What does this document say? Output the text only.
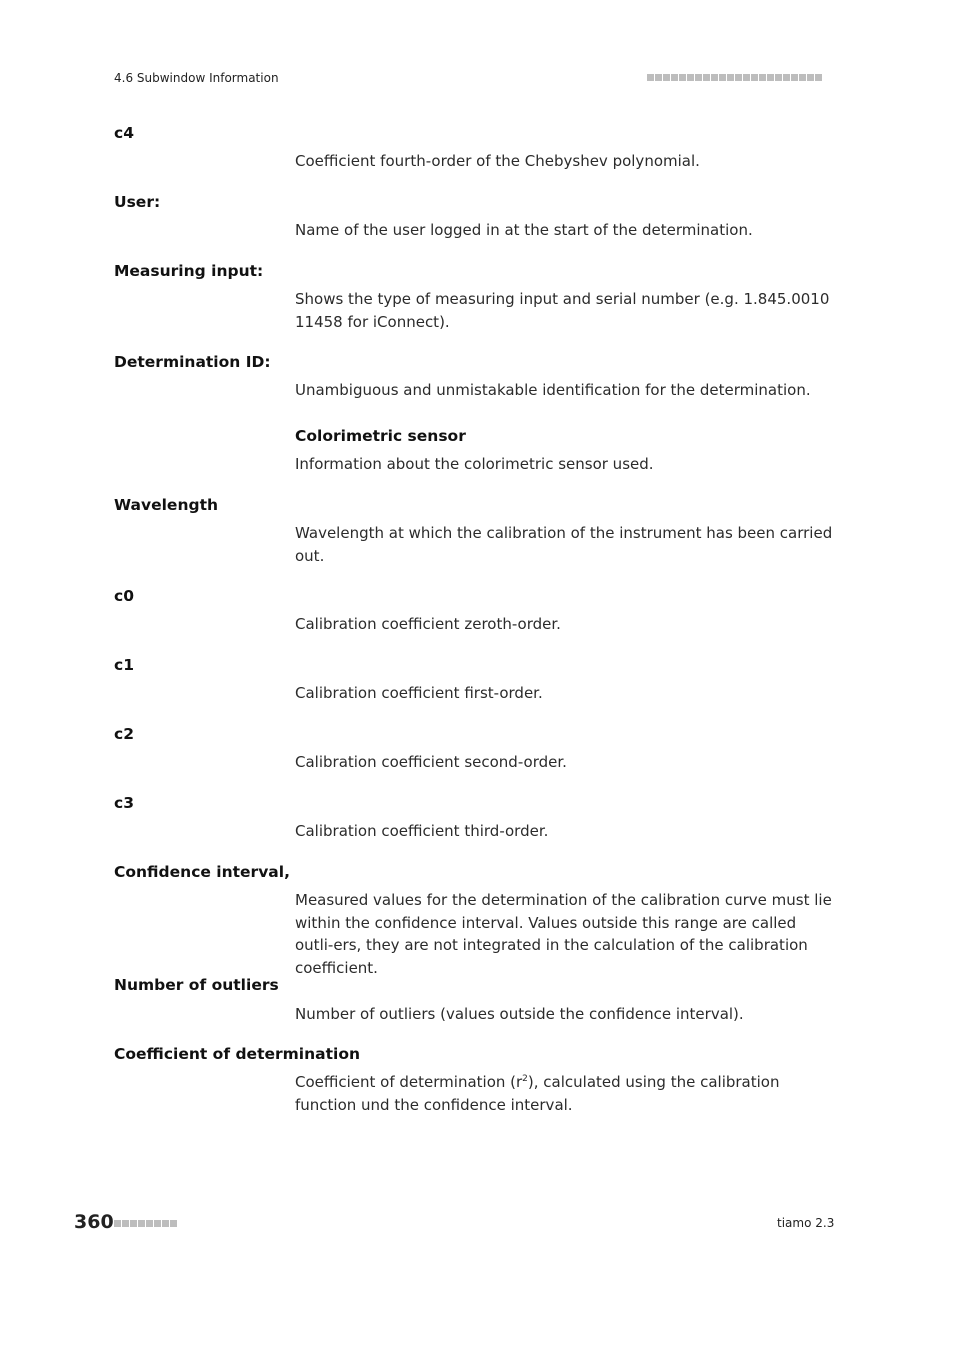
4.6 Subwindow Information
c4
Coefficient fourth-order of the Chebyshev polynomial.
User:
Name of the user logged in at the start of the determination.
Measuring input:
Shows the type of measuring input and serial number (e.g. 1.845.0010 11458 for iConnect).
Determination ID:
Unambiguous and unmistakable identification for the determination.
Colorimetric sensor
Information about the colorimetric sensor used.
Wavelength
Wavelength at which the calibration of the instrument has been carried out.
c0
Calibration coefficient zeroth-order.
c1
Calibration coefficient first-order.
c2
Calibration coefficient second-order.
c3
Calibration coefficient third-order.
Confidence interval,
Measured values for the determination of the calibration curve must lie within the confidence interval. Values outside this range are called outli-ers, they are not integrated in the calculation of the calibration coefficient.
Number of outliers
Number of outliers (values outside the confidence interval).
Coefficient of determination
Coefficient of determination $(r^2)$, calculated using the calibration function und the confidence interval.
360	tiamo 2.3
